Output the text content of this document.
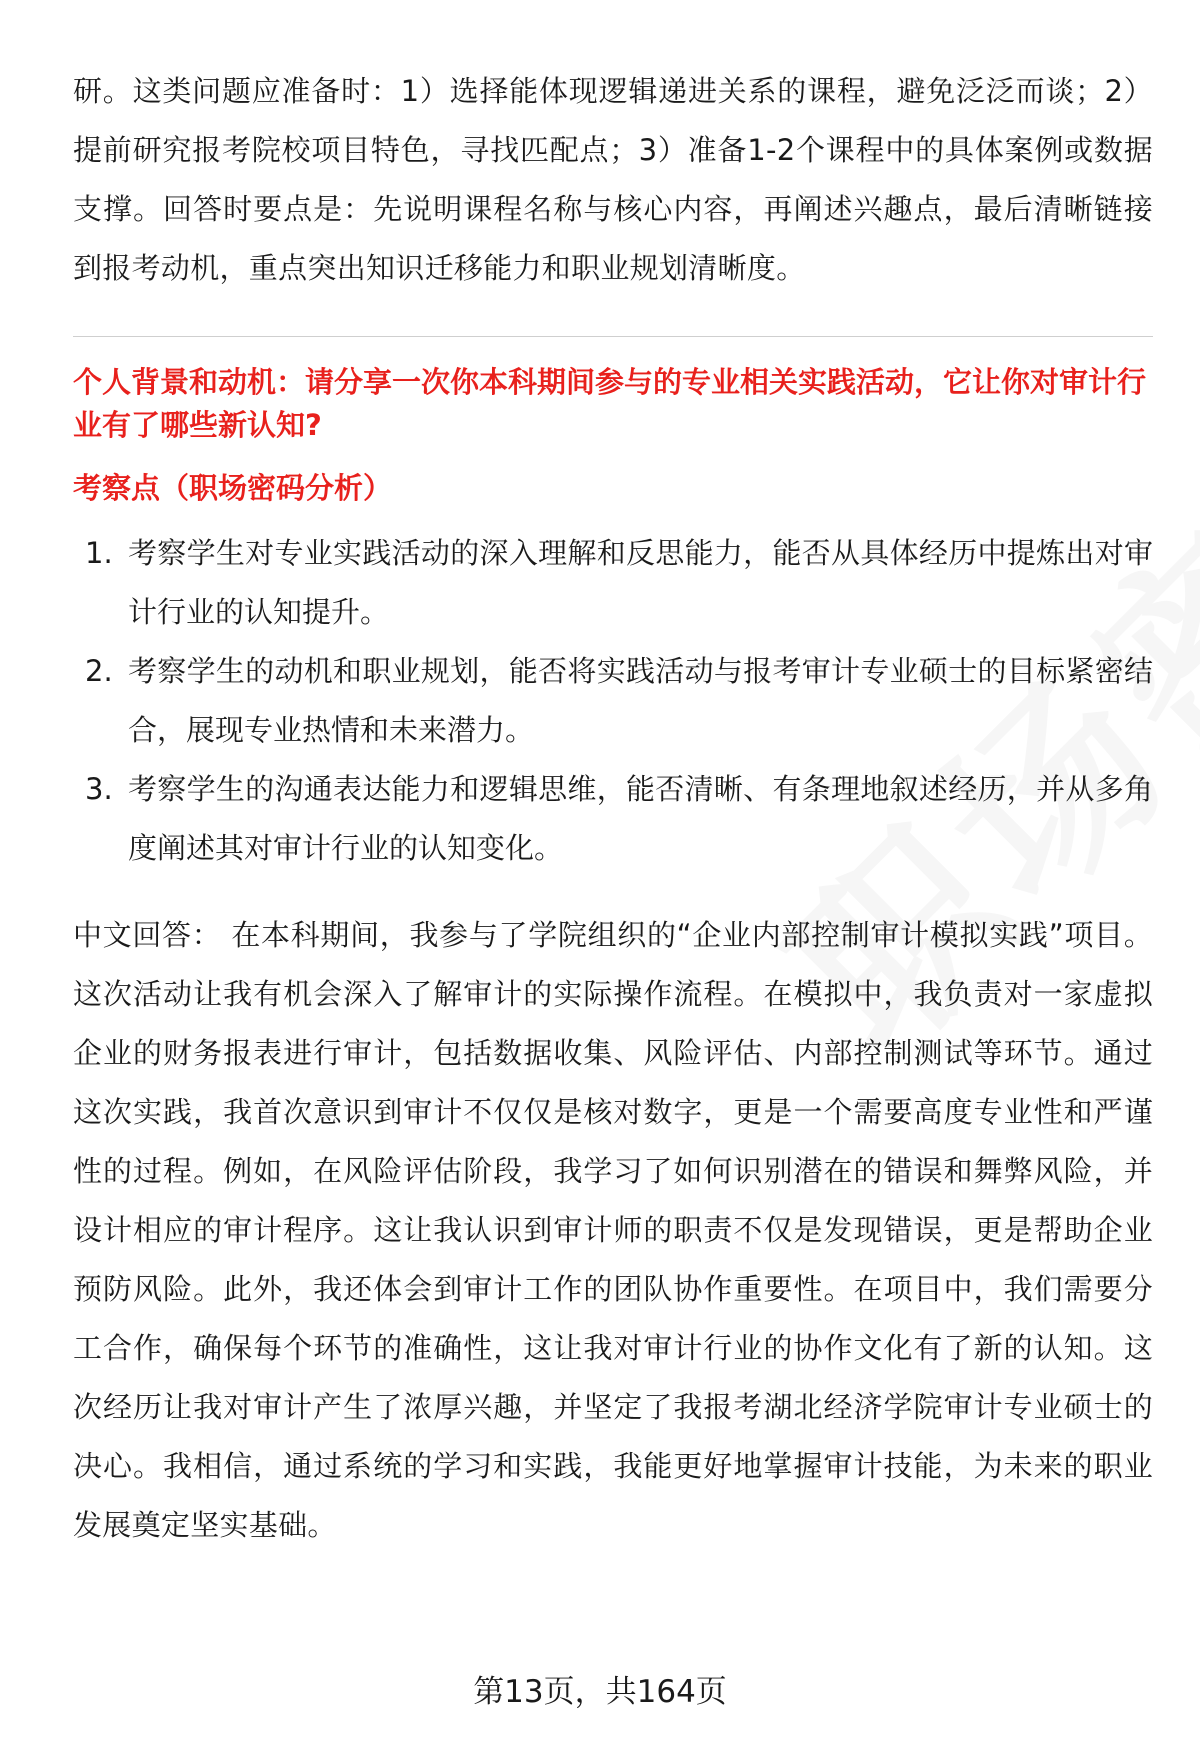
研。这类问题应准备时：1）选择能体现逻辑递进关系的课程，避免泛泛而谈；2）提前研究报考院校项目特色，寻找匹配点；3）准备1-2个课程中的具体案例或数据支撑。回答时要点是：先说明课程名称与核心内容，再阐述兴趣点，最后清晰链接到报考动机，重点突出知识迁移能力和职业规划清晰度。

个人背景和动机：请分享一次你本科期间参与的专业相关实践活动，它让你对审计行业有了哪些新认知?

考察点（职场密码分析）

1. 考察学生对专业实践活动的深入理解和反思能力，能否从具体经历中提炼出对审计行业的认知提升。
2. 考察学生的动机和职业规划，能否将实践活动与报考审计专业硕士的目标紧密结合，展现专业热情和未来潜力。
3. 考察学生的沟通表达能力和逻辑思维，能否清晰、有条理地叙述经历，并从多角度阐述其对审计行业的认知变化。

中文回答： 在本科期间，我参与了学院组织的“企业内部控制审计模拟实践”项目。这次活动让我有机会深入了解审计的实际操作流程。在模拟中，我负责对一家虚拟企业的财务报表进行审计，包括数据收集、风险评估、内部控制测试等环节。通过这次实践，我首次意识到审计不仅仅是核对数字，更是一个需要高度专业性和严谨性的过程。例如，在风险评估阶段，我学习了如何识别潜在的错误和舞弊风险，并设计相应的审计程序。这让我认识到审计师的职责不仅是发现错误，更是帮助企业预防风险。此外，我还体会到审计工作的团队协作重要性。在项目中，我们需要分工合作，确保每个环节的准确性，这让我对审计行业的协作文化有了新的认知。这次经历让我对审计产生了浓厚兴趣，并坚定了我报考湖北经济学院审计专业硕士的决心。我相信，通过系统的学习和实践，我能更好地掌握审计技能，为未来的职业发展奠定坚实基础。

第13页，共164页
